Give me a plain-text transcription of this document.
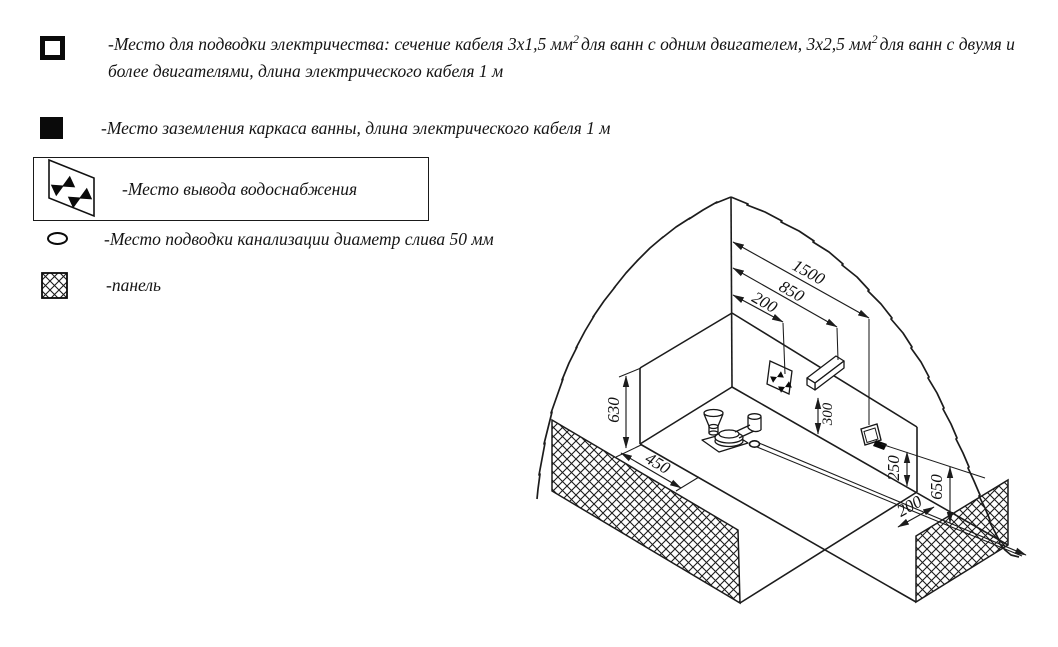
-Место для подводки электричества: сечение кабеля 3х1,5 $мм^2$ для ванн с одним двигателем, 3х2,5 $мм^2$ для ванн с двумя и
более двигателями, длина электрического кабеля 1 м
-Место заземления каркаса ванны, длина электрического кабеля 1 м
-Место вывода водоснабжения
-Место подводки канализации диаметр слива 50 мм
-панель	1500
850
200
630
450
300
250
650
200
